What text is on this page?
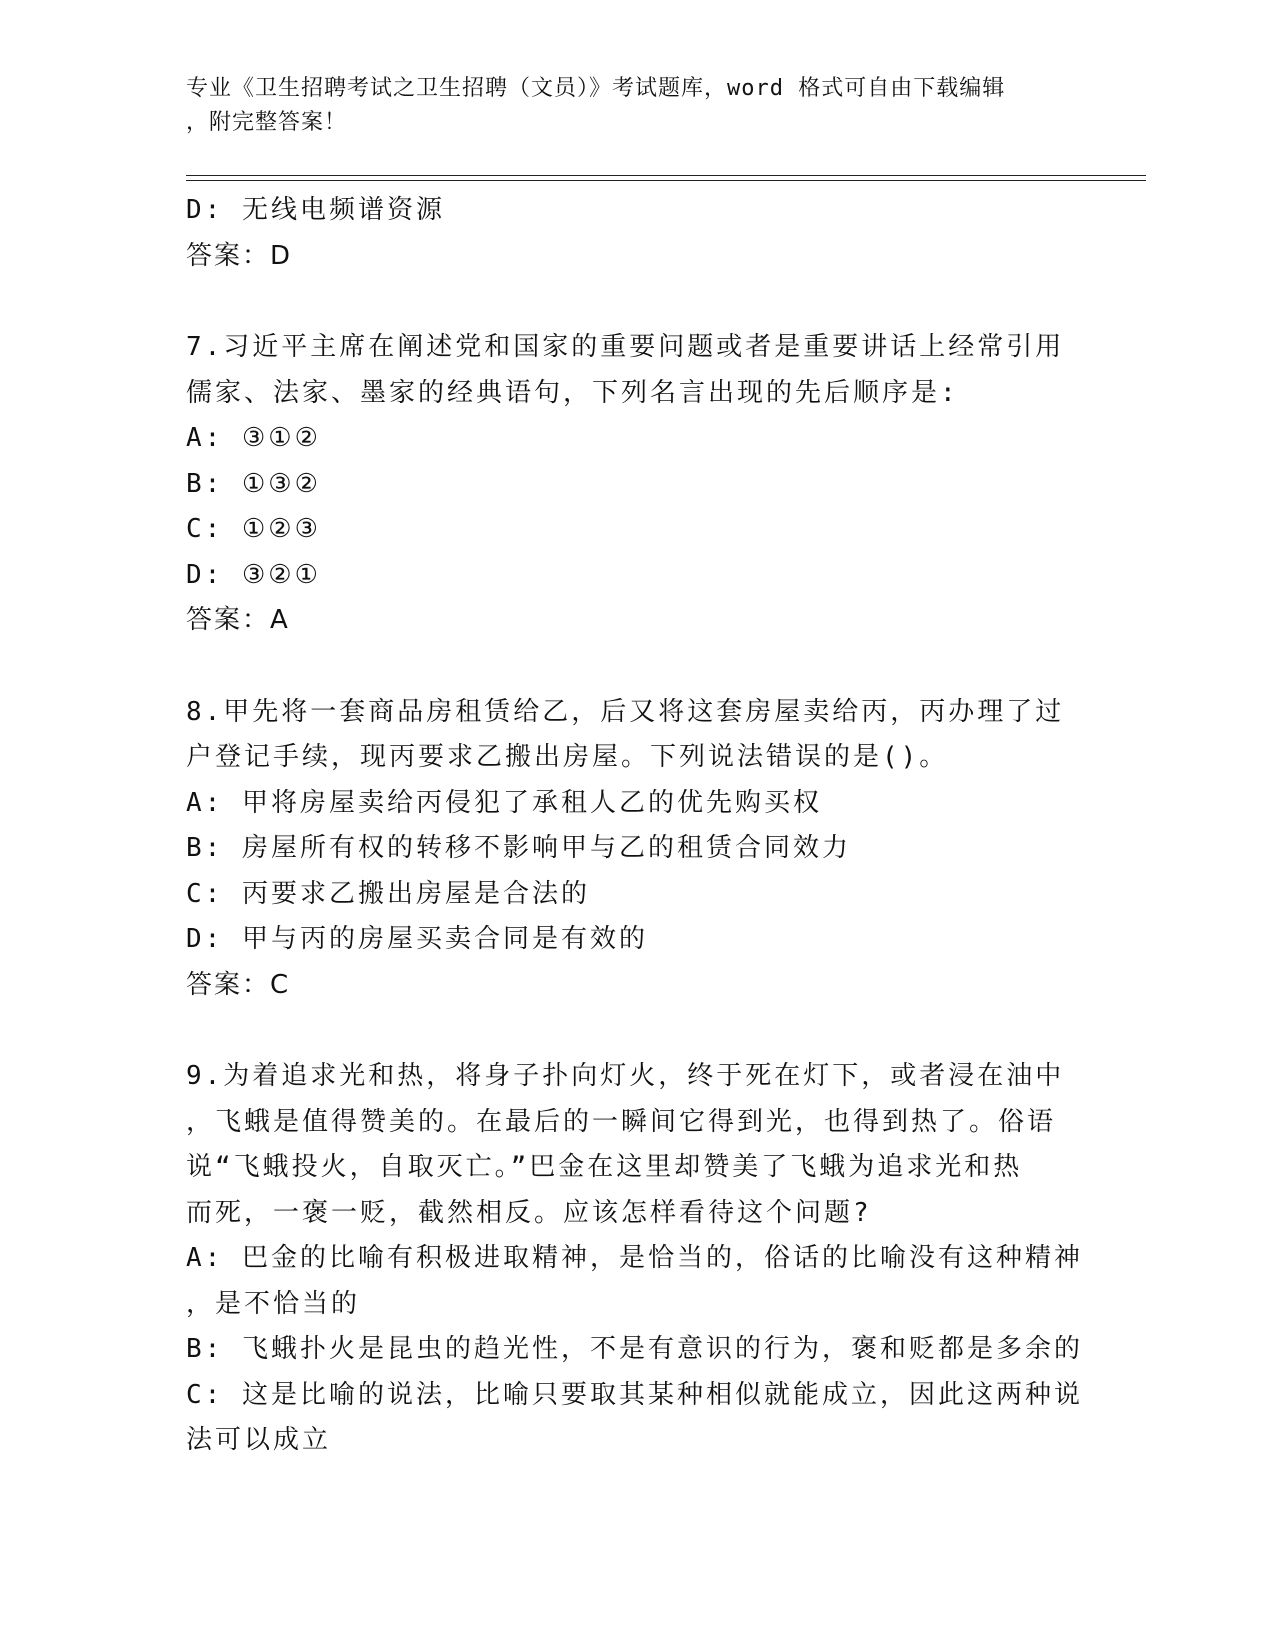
专业《卫生招聘考试之卫生招聘（文员）》考试题库，word 格式可自由下载编辑
，附完整答案！
D: 无线电频谱资源
答案：D
7.习近平主席在阐述党和国家的重要问题或者是重要讲话上经常引用
儒家、法家、墨家的经典语句，下列名言出现的先后顺序是:
A: ③①②
B: ①③②
C: ①②③
D: ③②①
答案：A
8.甲先将一套商品房租赁给乙，后又将这套房屋卖给丙，丙办理了过
户登记手续，现丙要求乙搬出房屋。下列说法错误的是()。
A: 甲将房屋卖给丙侵犯了承租人乙的优先购买权
B: 房屋所有权的转移不影响甲与乙的租赁合同效力
C: 丙要求乙搬出房屋是合法的
D: 甲与丙的房屋买卖合同是有效的
答案：C
9.为着追求光和热，将身子扑向灯火，终于死在灯下，或者浸在油中
，飞蛾是值得赞美的。在最后的一瞬间它得到光，也得到热了。俗语
说“飞蛾投火，自取灭亡。”巴金在这里却赞美了飞蛾为追求光和热
而死，一褒一贬，截然相反。应该怎样看待这个问题?
A: 巴金的比喻有积极进取精神，是恰当的，俗话的比喻没有这种精神
，是不恰当的
B: 飞蛾扑火是昆虫的趋光性，不是有意识的行为，褒和贬都是多余的
C: 这是比喻的说法，比喻只要取其某种相似就能成立，因此这两种说
法可以成立
